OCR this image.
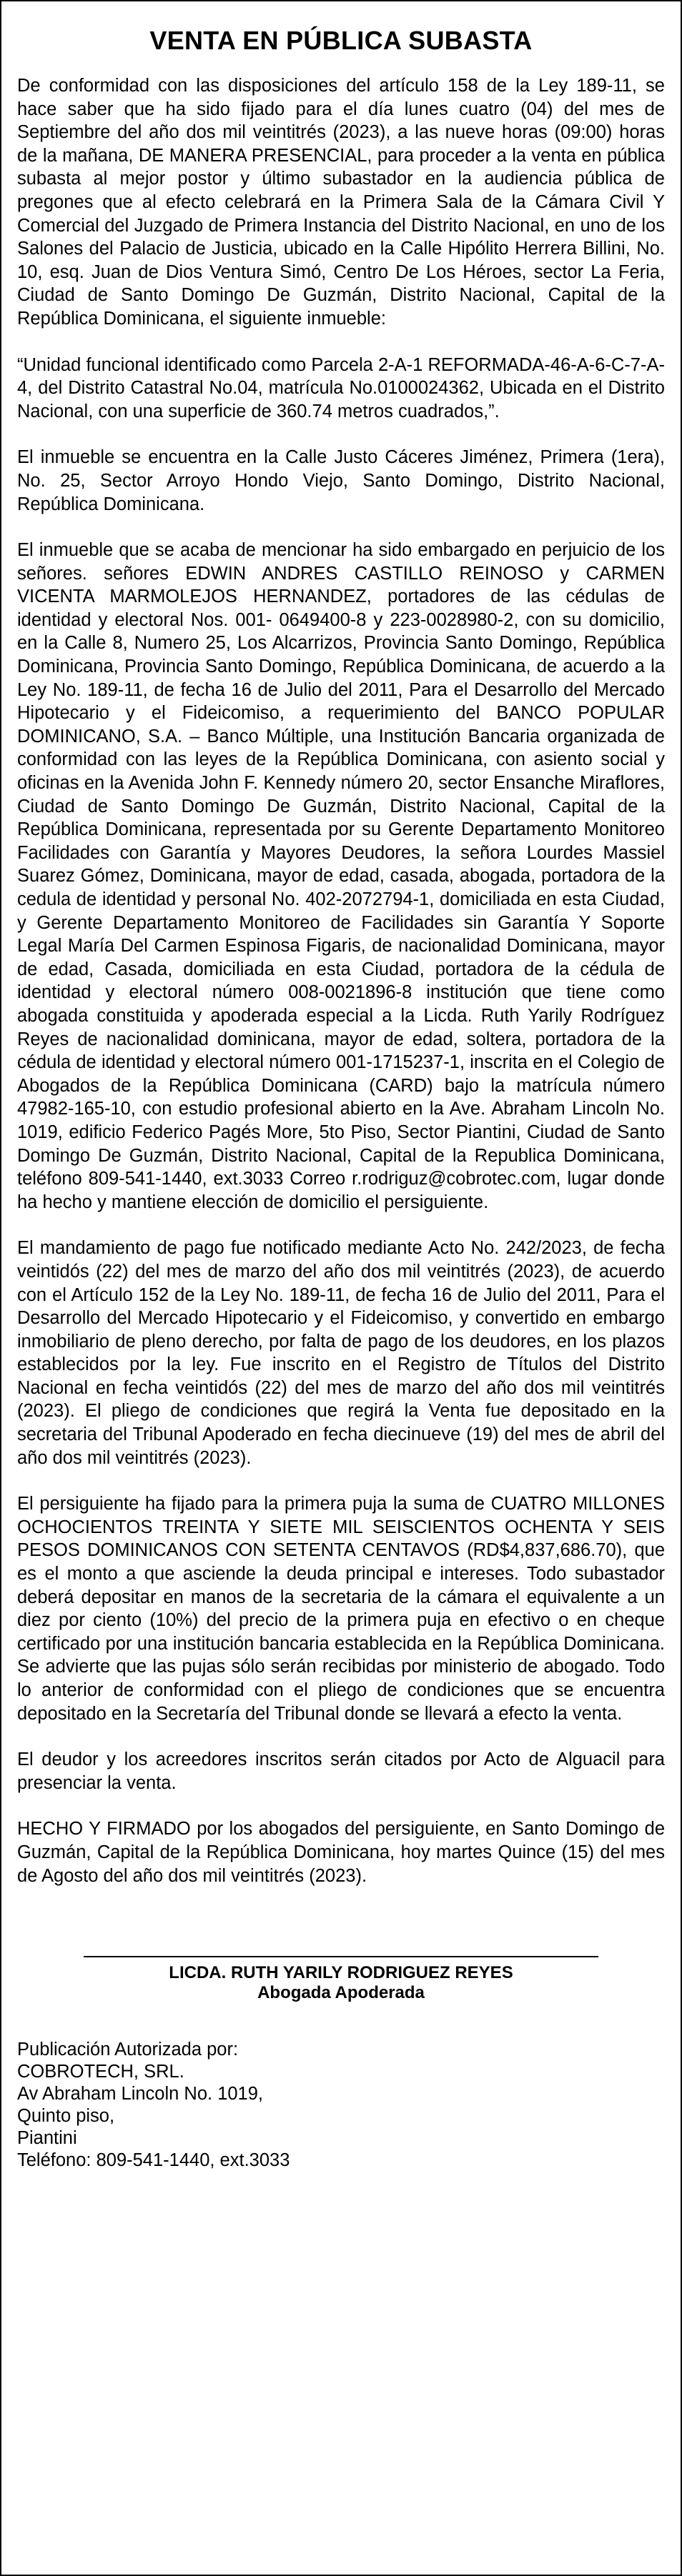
VENTA EN PÚBLICA SUBASTA

De conformidad con las disposiciones del artículo 158 de la Ley 189-11, se hace saber que ha sido fijado para el día lunes cuatro (04) del mes de Septiembre del año dos mil veintitrés (2023), a las nueve horas (09:00) horas de la mañana, DE MANERA PRESENCIAL, para proceder a la venta en pública subasta al mejor postor y último subastador en la audiencia pública de pregones que al efecto celebrará en la Primera Sala de la Cámara Civil Y Comercial del Juzgado de Primera Instancia del Distrito Nacional, en uno de los Salones del Palacio de Justicia, ubicado en la Calle Hipólito Herrera Billini, No. 10, esq. Juan de Dios Ventura Simó, Centro De Los Héroes, sector La Feria, Ciudad de Santo Domingo De Guzmán, Distrito Nacional, Capital de la República Dominicana, el siguiente inmueble:

“Unidad funcional identificado como Parcela 2-A-1 REFORMADA-46-A-6-C-7-A-4, del Distrito Catastral No.04, matrícula No.0100024362, Ubicada en el Distrito Nacional, con una superficie de 360.74 metros cuadrados,”.

El inmueble se encuentra en la Calle Justo Cáceres Jiménez, Primera (1era), No. 25, Sector Arroyo Hondo Viejo, Santo Domingo, Distrito Nacional, República Dominicana.

El inmueble que se acaba de mencionar ha sido embargado en perjuicio de los señores. señores EDWIN ANDRES CASTILLO REINOSO y CARMEN VICENTA MARMOLEJOS HERNANDEZ, portadores de las cédulas de identidad y electoral Nos. 001- 0649400-8 y 223-0028980-2, con su domicilio, en la Calle 8, Numero 25, Los Alcarrizos, Provincia Santo Domingo, República Dominicana, Provincia Santo Domingo, República Dominicana, de acuerdo a la Ley No. 189-11, de fecha 16 de Julio del 2011, Para el Desarrollo del Mercado Hipotecario y el Fideicomiso, a requerimiento del BANCO POPULAR DOMINICANO, S.A. – Banco Múltiple, una Institución Bancaria organizada de conformidad con las leyes de la República Dominicana, con asiento social y oficinas en la Avenida John F. Kennedy número 20, sector Ensanche Miraflores, Ciudad de Santo Domingo De Guzmán, Distrito Nacional, Capital de la República Dominicana, representada por su Gerente Departamento Monitoreo Facilidades con Garantía y Mayores Deudores, la señora Lourdes Massiel Suarez Gómez, Dominicana, mayor de edad, casada, abogada, portadora de la cedula de identidad y personal No. 402-2072794-1, domiciliada en esta Ciudad, y Gerente Departamento Monitoreo de Facilidades sin Garantía Y Soporte Legal María Del Carmen Espinosa Figaris, de nacionalidad Dominicana, mayor de edad, Casada, domiciliada en esta Ciudad, portadora de la cédula de identidad y electoral número 008-0021896-8 institución que tiene como abogada constituida y apoderada especial a la Licda. Ruth Yarily Rodríguez Reyes de nacionalidad dominicana, mayor de edad, soltera, portadora de la cédula de identidad y electoral número 001-1715237-1, inscrita en el Colegio de Abogados de la República Dominicana (CARD) bajo la matrícula número 47982-165-10, con estudio profesional abierto en la Ave. Abraham Lincoln No. 1019, edificio Federico Pagés More, 5to Piso, Sector Piantini, Ciudad de Santo Domingo De Guzmán, Distrito Nacional, Capital de la Republica Dominicana, teléfono 809-541-1440, ext.3033 Correo r.rodriguz@cobrotec.com, lugar donde ha hecho y mantiene elección de domicilio el persiguiente.

El mandamiento de pago fue notificado mediante Acto No. 242/2023, de fecha veintidós (22) del mes de marzo del año dos mil veintitrés (2023), de acuerdo con el Artículo 152 de la Ley No. 189-11, de fecha 16 de Julio del 2011, Para el Desarrollo del Mercado Hipotecario y el Fideicomiso, y convertido en embargo inmobiliario de pleno derecho, por falta de pago de los deudores, en los plazos establecidos por la ley. Fue inscrito en el Registro de Títulos del Distrito Nacional en fecha veintidós (22) del mes de marzo del año dos mil veintitrés (2023). El pliego de condiciones que regirá la Venta fue depositado en la secretaria del Tribunal Apoderado en fecha diecinueve (19) del mes de abril del año dos mil veintitrés (2023).

El persiguiente ha fijado para la primera puja la suma de CUATRO MILLONES OCHOCIENTOS TREINTA Y SIETE MIL SEISCIENTOS OCHENTA Y SEIS PESOS DOMINICANOS CON SETENTA CENTAVOS (RD$4,837,686.70), que es el monto a que asciende la deuda principal e intereses. Todo subastador deberá depositar en manos de la secretaria de la cámara el equivalente a un diez por ciento (10%) del precio de la primera puja en efectivo o en cheque certificado por una institución bancaria establecida en la República Dominicana. Se advierte que las pujas sólo serán recibidas por ministerio de abogado. Todo lo anterior de conformidad con el pliego de condiciones que se encuentra depositado en la Secretaría del Tribunal donde se llevará a efecto la venta.

El deudor y los acreedores inscritos serán citados por Acto de Alguacil para presenciar la venta.

HECHO Y FIRMADO por los abogados del persiguiente, en Santo Domingo de Guzmán, Capital de la República Dominicana, hoy martes Quince (15) del mes de Agosto del año dos mil veintitrés (2023).

LICDA. RUTH YARILY RODRIGUEZ REYES
Abogada Apoderada
Publicación Autorizada por:
COBROTECH, SRL.
Av Abraham Lincoln No. 1019,
Quinto piso,
Piantini
Teléfono: 809-541-1440, ext.3033
